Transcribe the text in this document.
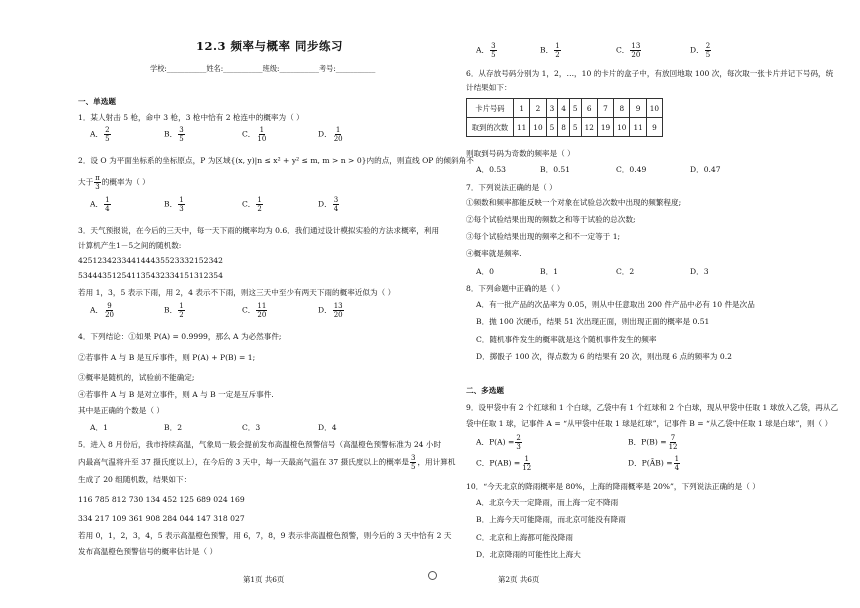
12.3 频率与概率 同步练习
学校:___________姓名:___________班级:___________考号:___________
一、单选题
1．某人射击 5 枪，命中 3 枪，3 枪中恰有 2 枪连中的概率为（ ）
A． $\frac{2}{5}$	B． $\frac{3}{5}$	C． $\frac{1}{10}$	D． $\frac{1}{20}$
2．设 O 为平面坐标系的坐标原点，P 为区域{(x, y)|n ≤ x² + y² ≤ m, m > n > 0}内的点，则直线 OP 的倾斜角不
大于 $\frac{\pi}{3}$ 的概率为（ ）
A． $\frac{1}{4}$	B． $\frac{1}{3}$	C． $\frac{1}{2}$	D． $\frac{3}{4}$
3．天气预报说，在今后的三天中，每一天下雨的概率均为 0.6．我们通过设计模拟实验的方法求概率，利用
计算机产生1－5之间的随机数:
425123423344144435523332152342
534443512541135432334151312354
若用 1，3，5 表示下雨，用 2，4 表示不下雨，则这三天中至少有两天下雨的概率近似为（ ）
A． $\frac{9}{20}$	B． $\frac{1}{2}$	C． $\frac{11}{20}$	D． $\frac{13}{20}$
4．下列结论：①如果 P(A) = 0.9999，那么 A 为必然事件;
②若事件 A 与 B 是互斥事件，则 P(A) + P(B) = 1;
③概率是随机的，试验前不能确定;
④若事件 A 与 B 是对立事件，则 A 与 B 一定是互斥事件.
其中是正确的个数是（ ）
A．1	B．2	C．3	D．4
5．进入 8 月份后，我市持续高温，气象局一般会提前发布高温橙色预警信号（高温橙色预警标准为 24 小时
内最高气温将升至 37 摄氏度以上），在今后的 3 天中，每一天最高气温在 37 摄氏度以上的概率是 $\frac{3}{5}$ ，用计算机
生成了 20 组随机数，结果如下：
116 785 812 730 134 452 125 689 024 169
334 217 109 361 908 284 044 147 318 027
若用 0，1，2，3，4，5 表示高温橙色预警，用 6，7，8，9 表示非高温橙色预警，则今后的 3 天中恰有 2 天
发布高温橙色预警信号的概率估计是（ ）
第1页 共6页
A． $\frac{3}{5}$	B． $\frac{1}{2}$	C． $\frac{13}{20}$	D． $\frac{2}{5}$
6．从存放号码分别为 1，2，…，10 的卡片的盒子中，有放回地取 100 次，每次取一张卡片并记下号码，统
计结果如下：
卡片号码	1	2	3	4	5	6	7	8	9	10
取到的次数	11	10	5	8	5	12	19	10	11	9
则取到号码为奇数的频率是（ ）
A．0.53	B．0.51	C．0.49	D．0.47
7．下列说法正确的是（ ）
①频数和频率都能反映一个对象在试验总次数中出现的频繁程度;
②每个试验结果出现的频数之和等于试验的总次数;
③每个试验结果出现的频率之和不一定等于 1;
④概率就是频率.
A．0	B．1	C．2	D．3
8．下列命题中正确的是（ ）
A．有一批产品的次品率为 0.05，则从中任意取出 200 件产品中必有 10 件是次品
B．抛 100 次硬币，结果 51 次出现正面，则出现正面的概率是 0.51
C．随机事件发生的概率就是这个随机事件发生的频率
D．掷骰子 100 次，得点数为 6 的结果有 20 次，则出现 6 点的频率为 0.2
二、多选题
9．设甲袋中有 2 个红球和 1 个白球，乙袋中有 1 个红球和 2 个白球，现从甲袋中任取 1 球放入乙袋，再从乙
袋中任取 1 球，记事件 A = “从甲袋中任取 1 球是红球”，记事件 B = “从乙袋中任取 1 球是白球”，则（ ）
A．$P(A) = \frac{2}{3}$	B．$P(B) = \frac{7}{12}$
C．$P(AB) = \frac{1}{12}$	D．P(ĀB) = $\frac{1}{4}$
10．“今天北京的降雨概率是 80%，上海的降雨概率是 20%”，下列说法正确的是（ ）
A．北京今天一定降雨，而上海一定不降雨
B．上海今天可能降雨，而北京可能没有降雨
C．北京和上海都可能没降雨
D．北京降雨的可能性比上海大
第2页 共6页
